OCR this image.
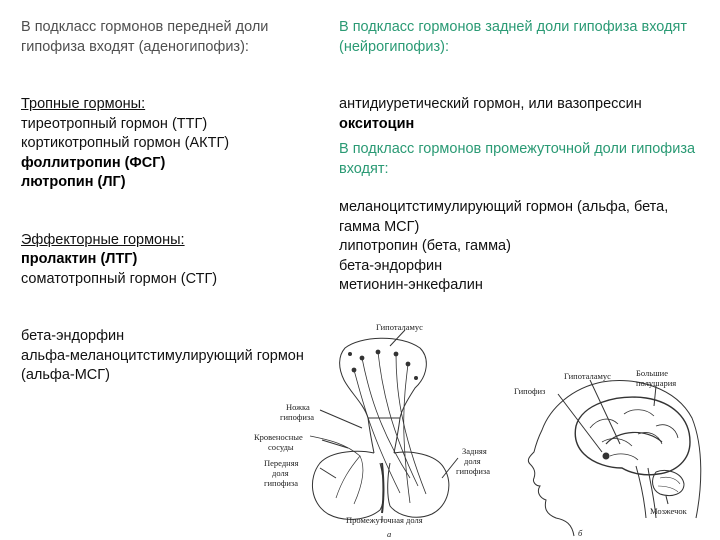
В подкласс гормонов передней доли
гипофиза входят (аденогипофиз):
Тропные гормоны:
тиреотропный гормон (ТТГ)
кортикотропный гормон (АКТГ)
фоллитропин (ФСГ)
лютропин (ЛГ)
Эффекторные гормоны:
пролактин (ЛТГ)
соматотропный гормон (СТГ)
бета-эндорфин
альфа-меланоцитстимулирующий гормон
(альфа-МСГ)
В подкласс гормонов задней доли гипофиза входят
(нейрогипофиз):
антидиуретический гормон, или вазопрессин
окситоцин
В подкласс гормонов промежуточной доли гипофиза
входят:
меланоцитстимулирующий гормон (альфа, бета,
гамма МСГ)
липотропин (бета, гамма)
бета-эндорфин
метионин-энкефалин
Гипоталамус
Ножка
гипофиза
Кровеносные
сосуды
Передняя
доля
гипофиза
Задняя
доля
гипофиза
Промежуточная доля
а
Гипофиз
Гипоталамус	Большие
полушария
Мозжечок
б
